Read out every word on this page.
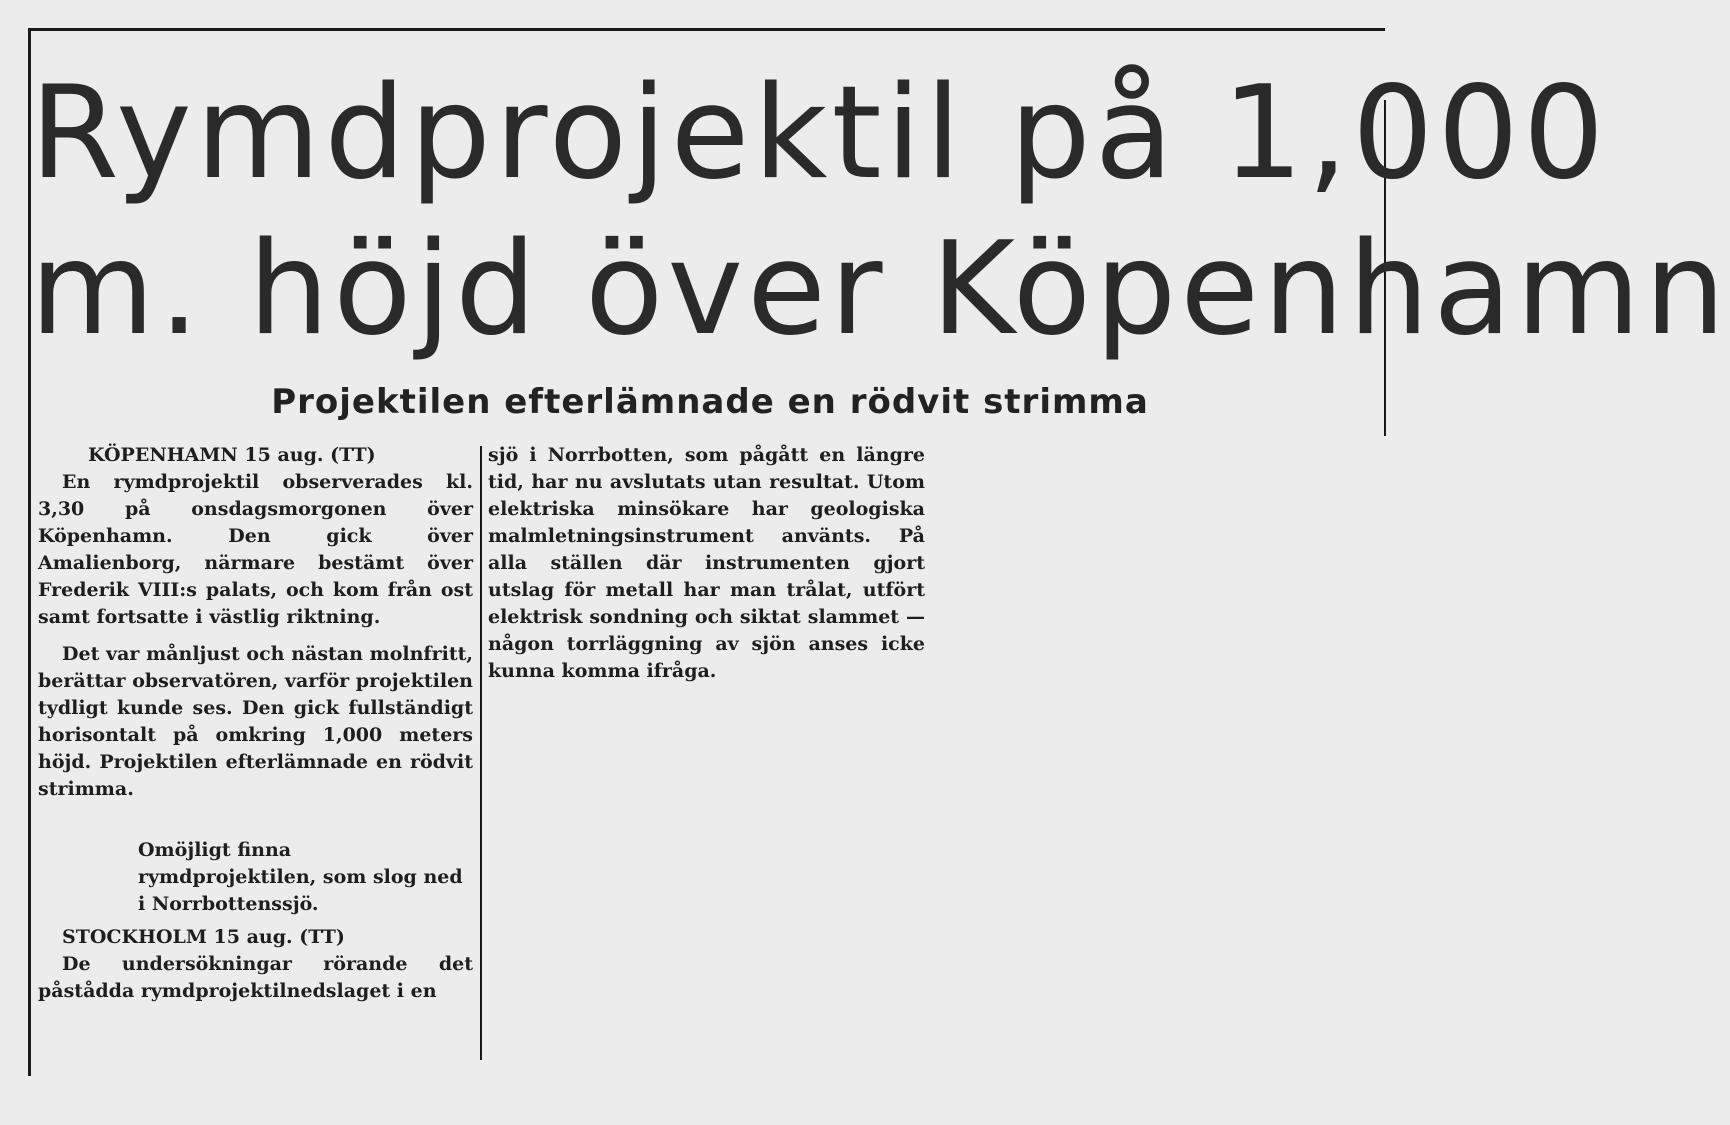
Rymdprojektil på 1,000
m. höjd över Köpenhamn
Projektilen efterlämnade en rödvit strimma

KÖPENHAMN 15 aug. (TT)

En rymdprojektil observerades kl. 3,30 på onsdagsmorgonen över Köpenhamn. Den gick över Amalienborg, närmare bestämt över Frederik VIII:s palats, och kom från ost samt fortsatte i västlig riktning.

Det var månljust och nästan molnfritt, berättar observatören, varför projektilen tydligt kunde ses. Den gick fullständigt horisontalt på omkring 1,000 meters höjd. Projektilen efterlämnade en rödvit strimma.

Omöjligt finna rymdprojektilen, som slog ned i Norrbottenssjö.

STOCKHOLM 15 aug. (TT)

De undersökningar rörande det påstådda rymdprojektilnedslaget i en

sjö i Norrbotten, som pågått en längre tid, har nu avslutats utan resultat. Utom elektriska minsökare har geologiska malmletningsinstrument använts. På alla ställen där instrumenten gjort utslag för metall har man trålat, utfört elektrisk sondning och siktat slammet — någon torrläggning av sjön anses icke kunna komma ifråga.
